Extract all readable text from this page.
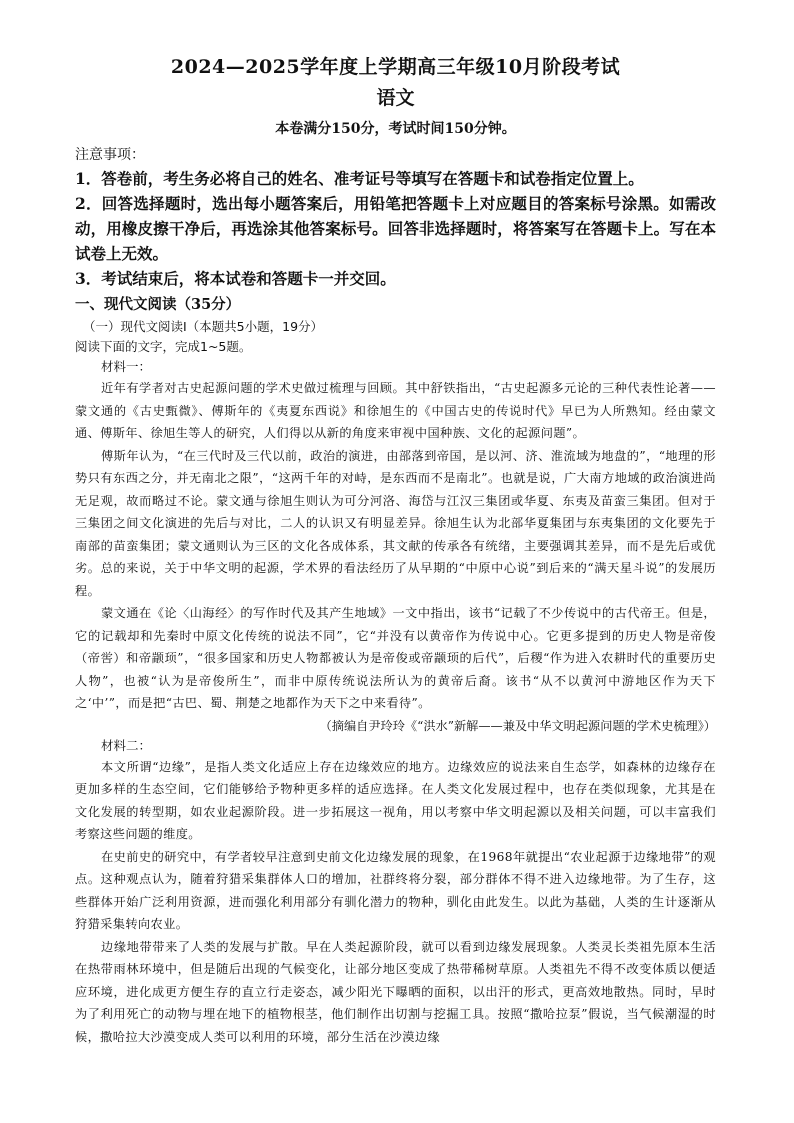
2024—2025学年度上学期高三年级10月阶段考试
语文
本卷满分150分，考试时间150分钟。
注意事项：

1．答卷前，考生务必将自己的姓名、准考证号等填写在答题卡和试卷指定位置上。

2．回答选择题时，选出每小题答案后，用铅笔把答题卡上对应题目的答案标号涂黑。如需改动，用橡皮擦干净后，再选涂其他答案标号。回答非选择题时，将答案写在答题卡上。写在本试卷上无效。

3．考试结束后，将本试卷和答题卡一并交回。

一、现代文阅读（35分）
（一）现代文阅读Ⅰ（本题共5小题，19分）
阅读下面的文字，完成1~5题。
材料一：

近年有学者对古史起源问题的学术史做过梳理与回顾。其中舒铁指出，“古史起源多元论的三种代表性论著——蒙文通的《古史甄微》、傅斯年的《夷夏东西说》和徐旭生的《中国古史的传说时代》早已为人所熟知。经由蒙文通、傅斯年、徐旭生等人的研究，人们得以从新的角度来审视中国种族、文化的起源问题”。

傅斯年认为，“在三代时及三代以前，政治的演进，由部落到帝国，是以河、济、淮流域为地盘的”，“地理的形势只有东西之分，并无南北之限”，“这两千年的对峙，是东西而不是南北”。也就是说，广大南方地域的政治演进尚无足观，故而略过不论。蒙文通与徐旭生则认为可分河洛、海岱与江汉三集团或华夏、东夷及苗蛮三集团。但对于三集团之间文化演进的先后与对比，二人的认识又有明显差异。徐旭生认为北部华夏集团与东夷集团的文化要先于南部的苗蛮集团；蒙文通则认为三区的文化各成体系，其文献的传承各有统绪，主要强调其差异，而不是先后或优劣。总的来说，关于中华文明的起源，学术界的看法经历了从早期的“中原中心说”到后来的“满天星斗说”的发展历程。

蒙文通在《论〈山海经〉的写作时代及其产生地域》一文中指出，该书“记载了不少传说中的古代帝王。但是，它的记载却和先秦时中原文化传统的说法不同”，它“并没有以黄帝作为传说中心。它更多提到的历史人物是帝俊（帝喾）和帝颛顼”，“很多国家和历史人物都被认为是帝俊或帝颛顼的后代”，后稷“作为进入农耕时代的重要历史人物”，也被“认为是帝俊所生”，而非中原传统说法所认为的黄帝后裔。该书“从不以黄河中游地区作为天下之‘中’”，而是把“古巴、蜀、荆楚之地都作为天下之中来看待”。

（摘编自尹玲玲《“洪水”新解——兼及中华文明起源问题的学术史梳理》）
材料二：

本文所谓“边缘”，是指人类文化适应上存在边缘效应的地方。边缘效应的说法来自生态学，如森林的边缘存在更加多样的生态空间，它们能够给予物种更多样的适应选择。在人类文化发展过程中，也存在类似现象，尤其是在文化发展的转型期，如农业起源阶段。进一步拓展这一视角，用以考察中华文明起源以及相关问题，可以丰富我们考察这些问题的维度。

在史前史的研究中，有学者较早注意到史前文化边缘发展的现象，在1968年就提出“农业起源于边缘地带”的观点。这种观点认为，随着狩猎采集群体人口的增加，社群终将分裂，部分群体不得不进入边缘地带。为了生存，这些群体开始广泛利用资源，进而强化利用部分有驯化潜力的物种，驯化由此发生。以此为基础，人类的生计逐渐从狩猎采集转向农业。

边缘地带带来了人类的发展与扩散。早在人类起源阶段，就可以看到边缘发展现象。人类灵长类祖先原本生活在热带雨林环境中，但是随后出现的气候变化，让部分地区变成了热带稀树草原。人类祖先不得不改变体质以便适应环境，进化成更方便生存的直立行走姿态，减少阳光下曝晒的面积，以出汗的形式，更高效地散热。同时，早时为了利用死亡的动物与埋在地下的植物根茎，他们制作出切割与挖掘工具。按照“撒哈拉泵”假说，当气候潮湿的时候，撒哈拉大沙漠变成人类可以利用的环境，部分生活在沙漠边缘
